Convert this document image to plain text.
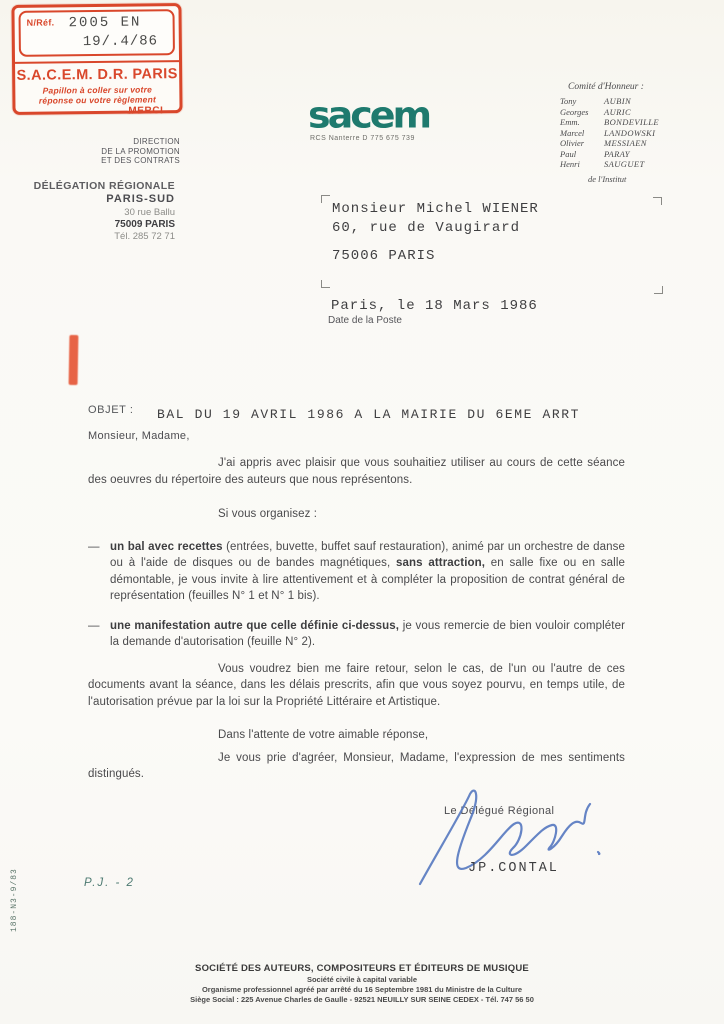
N/Réf. 2005 EN
19/.4/86
S.A.C.E.M. D.R. PARIS
Papillon à coller sur votre
réponse ou votre règlement
MERCI
DIRECTION
DE LA PROMOTION
ET DES CONTRATS
DÉLÉGATION RÉGIONALE
PARIS-SUD
30 rue Ballu
75009 PARIS
Tél. 285 72 71
sacem
RCS Nanterre D 775 675 739
Comité d'Honneur :
Tony	AUBIN
Georges	AURIC
Emm.	BONDEVILLE
Marcel	LANDOWSKI
Olivier	MESSIAEN
Paul	PARAY
Henri	SAUGUET
de l'Institut
Monsieur Michel WIENER
60, rue de Vaugirard
75006 PARIS
Paris, le 18 Mars 1986
Date de la Poste
OBJET : BAL DU 19 AVRIL 1986 A LA MAIRIE DU 6EME ARRT
Monsieur, Madame,

J'ai appris avec plaisir que vous souhaitiez utiliser au cours de cette séance des oeuvres du répertoire des auteurs que nous représentons.

Si vous organisez :

— un bal avec recettes (entrées, buvette, buffet sauf restauration), animé par un orchestre de danse ou à l'aide de disques ou de bandes magnétiques, sans attraction, en salle fixe ou en salle démontable, je vous invite à lire attentivement et à compléter la proposition de contrat général de représentation (feuilles N° 1 et N° 1 bis).

— une manifestation autre que celle définie ci-dessus, je vous remercie de bien vouloir compléter la demande d'autorisation (feuille N° 2).

Vous voudrez bien me faire retour, selon le cas, de l'un ou l'autre de ces documents avant la séance, dans les délais prescrits, afin que vous soyez pourvu, en temps utile, de l'autorisation prévue par la loi sur la Propriété Littéraire et Artistique.

Dans l'attente de votre aimable réponse,

Je vous prie d'agréer, Monsieur, Madame, l'expression de mes sentiments distingués.

Le Délégué Régional
JP.CONTAL
P.J. - 2
188-N3-9/83
SOCIÉTÉ DES AUTEURS, COMPOSITEURS ET ÉDITEURS DE MUSIQUE
Société civile à capital variable
Organisme professionnel agréé par arrêté du 16 Septembre 1981 du Ministre de la Culture
Siège Social : 225 Avenue Charles de Gaulle - 92521 NEUILLY SUR SEINE CEDEX - Tél. 747 56 50
